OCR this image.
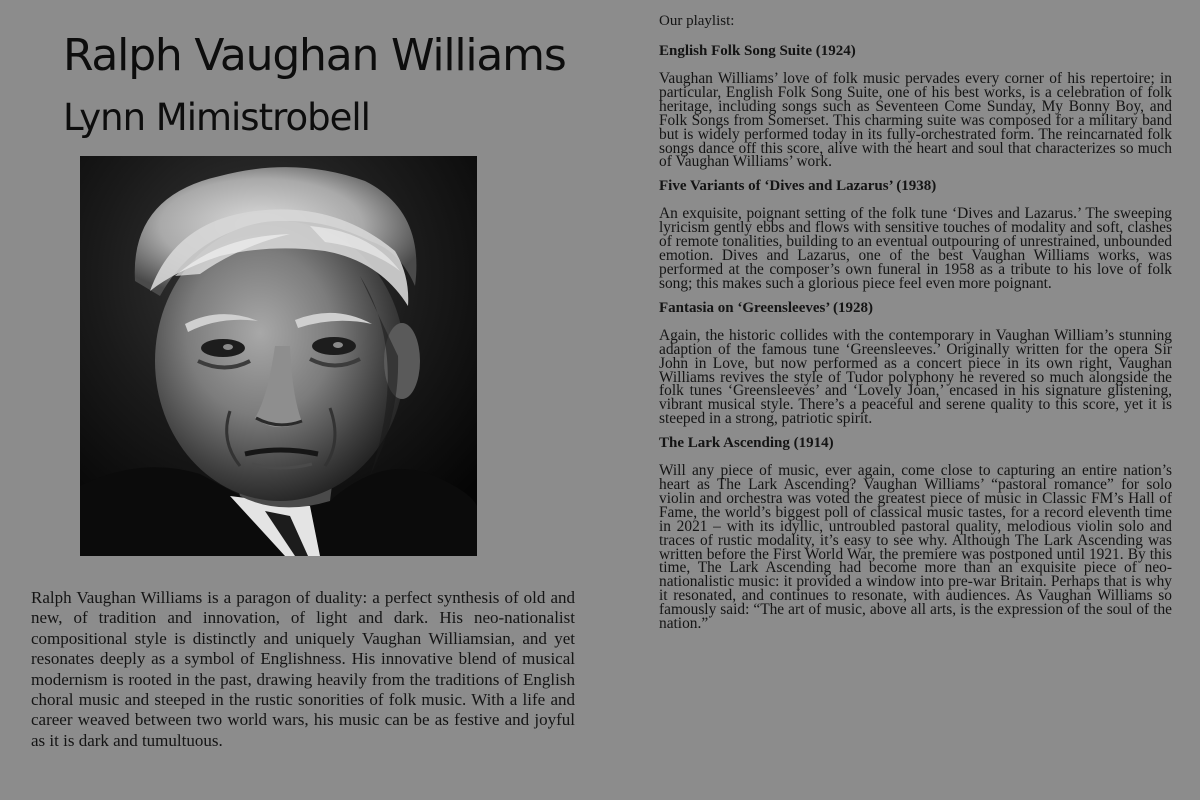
Ralph Vaughan Williams
Lynn Mimistrobell

Ralph Vaughan Williams is a paragon of duality: a perfect synthesis of old and new, of tradition and innovation, of light and dark. His neo-nationalist compositional style is distinctly and uniquely Vaughan Williamsian, and yet resonates deeply as a symbol of Englishness. His innovative blend of musical modernism is rooted in the past, drawing heavily from the traditions of English choral music and steeped in the rustic sonorities of folk music. With a life and career weaved between two world wars, his music can be as festive and joyful as it is dark and tumultuous.

Our playlist:

English Folk Song Suite (1924)

Vaughan Williams’ love of folk music pervades every corner of his repertoire; in particular, English Folk Song Suite, one of his best works, is a celebration of folk heritage, including songs such as Seventeen Come Sunday, My Bonny Boy, and Folk Songs from Somerset. This charming suite was composed for a military band but is widely performed today in its fully-orchestrated form. The reincarnated folk songs dance off this score, alive with the heart and soul that characterizes so much of Vaughan Williams’ work.

Five Variants of ‘Dives and Lazarus’ (1938)

An exquisite, poignant setting of the folk tune ‘Dives and Lazarus.’ The sweeping lyricism gently ebbs and flows with sensitive touches of modality and soft, clashes of remote tonalities, building to an eventual outpouring of unrestrained, unbounded emotion. Dives and Lazarus, one of the best Vaughan Williams works, was performed at the composer’s own funeral in 1958 as a tribute to his love of folk song; this makes such a glorious piece feel even more poignant.

Fantasia on ‘Greensleeves’ (1928)

Again, the historic collides with the contemporary in Vaughan William’s stunning adaption of the famous tune ‘Greensleeves.’ Originally written for the opera Sir John in Love, but now performed as a concert piece in its own right, Vaughan Williams revives the style of Tudor polyphony he revered so much alongside the folk tunes ‘Greensleeves’ and ‘Lovely Joan,’ encased in his signature glistening, vibrant musical style. There’s a peaceful and serene quality to this score, yet it is steeped in a strong, patriotic spirit.

The Lark Ascending (1914)

Will any piece of music, ever again, come close to capturing an entire nation’s heart as The Lark Ascending? Vaughan Williams’ “pastoral romance” for solo violin and orchestra was voted the greatest piece of music in Classic FM’s Hall of Fame, the world’s biggest poll of classical music tastes, for a record eleventh time in 2021 – with its idyllic, untroubled pastoral quality, melodious violin solo and traces of rustic modality, it’s easy to see why. Although The Lark Ascending was written before the First World War, the premiere was postponed until 1921. By this time, The Lark Ascending had become more than an exquisite piece of neo-nationalistic music: it provided a window into pre-war Britain. Perhaps that is why it resonated, and continues to resonate, with audiences. As Vaughan Williams so famously said: “The art of music, above all arts, is the expression of the soul of the nation.”
